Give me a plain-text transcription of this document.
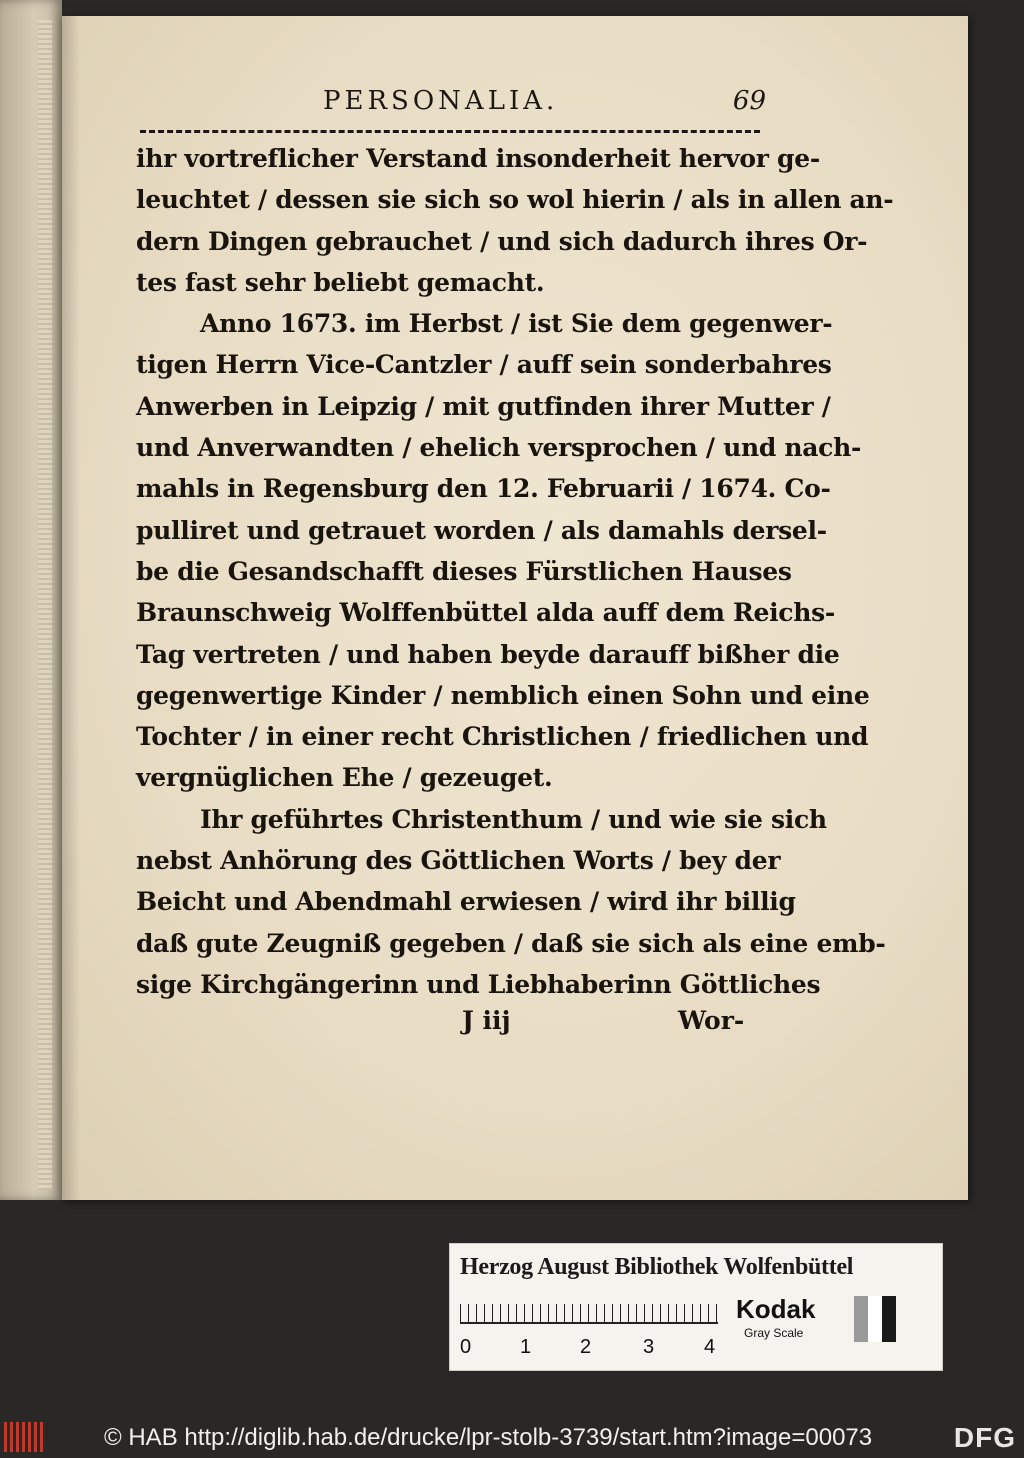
PERSONALIA.	69
ihr vortreflicher Verstand insonderheit hervor ge-
leuchtet / dessen sie sich so wol hierin / als in allen an-
dern Dingen gebrauchet / und sich dadurch ihres Or-
tes fast sehr beliebt gemacht.
Anno 1673. im Herbst / ist Sie dem gegenwer-
tigen Herrn Vice-Cantzler / auff sein sonderbahres
Anwerben in Leipzig / mit gutfinden ihrer Mutter /
und Anverwandten / ehelich versprochen / und nach-
mahls in Regensburg den 12. Februarii / 1674. Co-
pulliret und getrauet worden / als damahls dersel-
be die Gesandschafft dieses Fürstlichen Hauses
Braunschweig Wolffenbüttel alda auff dem Reichs-
Tag vertreten / und haben beyde darauff bißher die
gegenwertige Kinder / nemblich einen Sohn und eine
Tochter / in einer recht Christlichen / friedlichen und
vergnüglichen Ehe / gezeuget.
Ihr geführtes Christenthum / und wie sie sich
nebst Anhörung des Göttlichen Worts / bey der
Beicht und Abendmahl erwiesen / wird ihr billig
daß gute Zeugniß gegeben / daß sie sich als eine emb-
sige Kirchgängerinn und Liebhaberinn Göttliches
J iij	Wor-
Herzog August Bibliothek Wolfenbüttel
0 1 2	3 4
Kodak
Gray Scale
© HAB http://diglib.hab.de/drucke/lpr-stolb-3739/start.htm?image=00073	DFG
